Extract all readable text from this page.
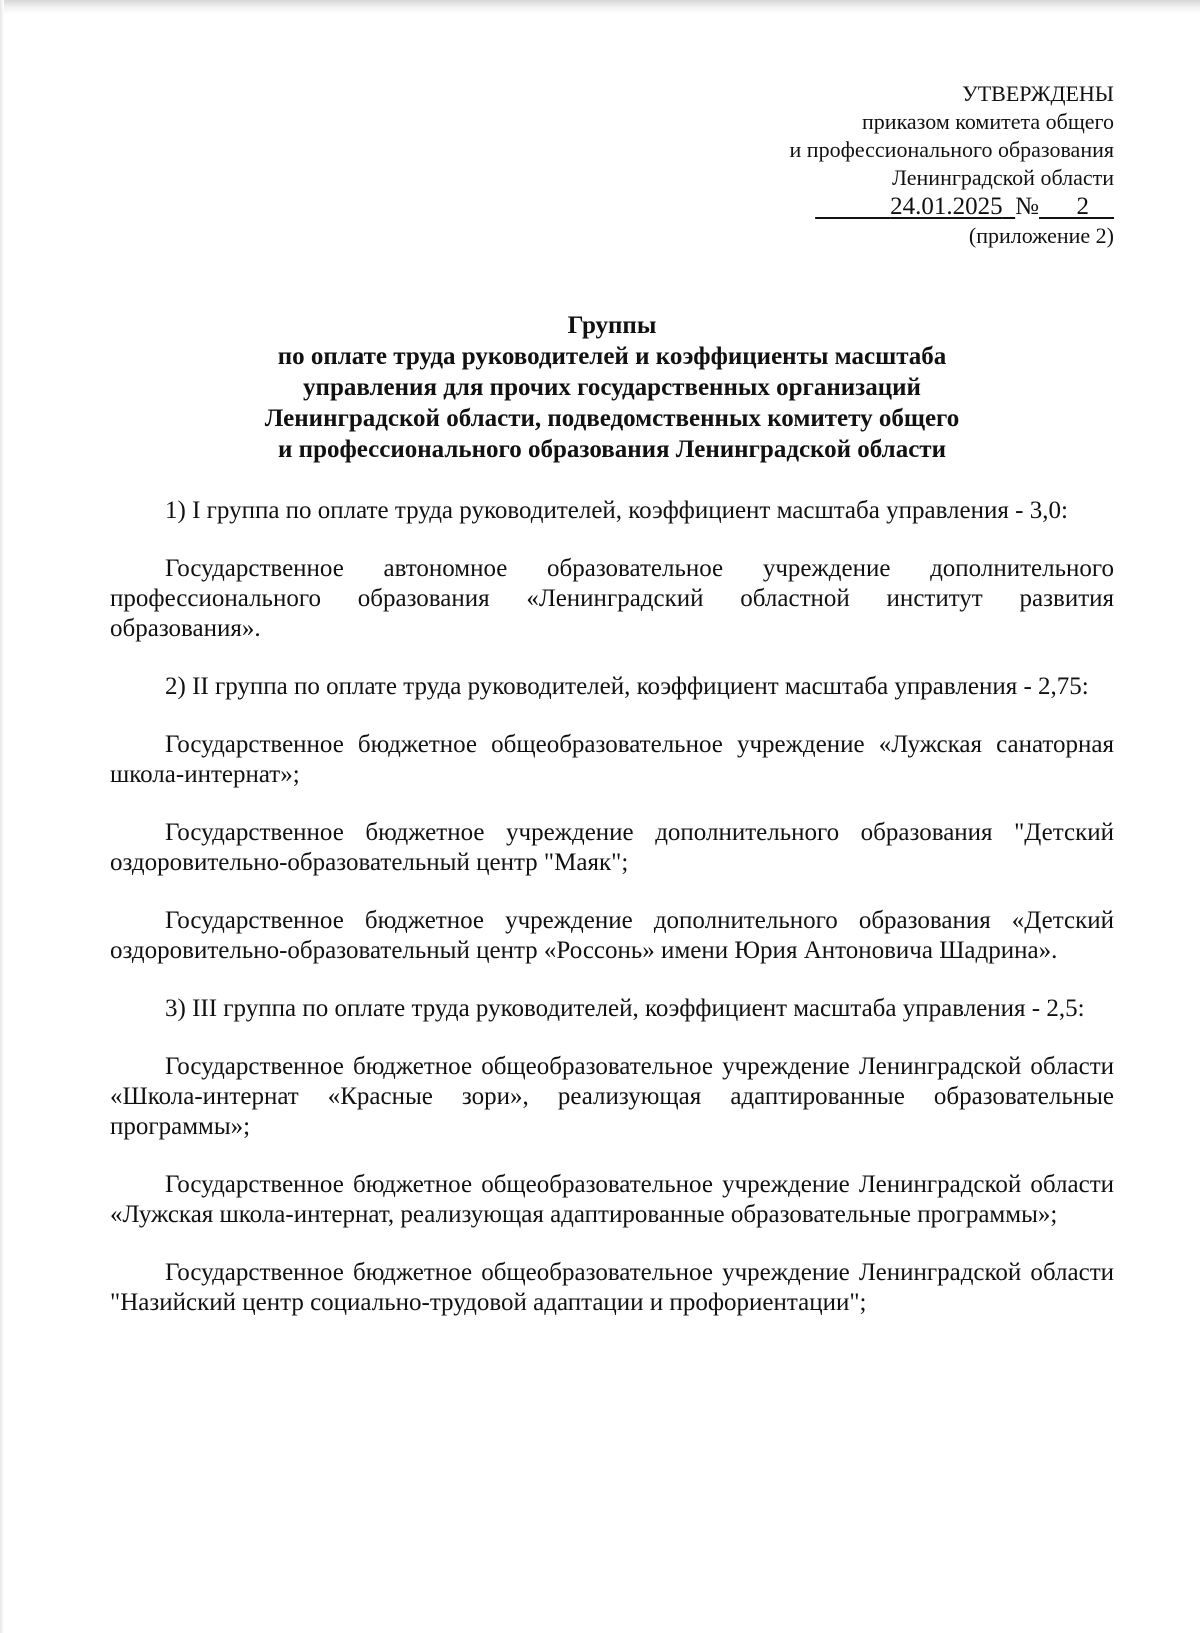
УТВЕРЖДЕНЫ
приказом комитета общего
и профессионального образования
Ленинградской области
24.01.2025 № 2
(приложение 2)
Группы
по оплате труда руководителей и коэффициенты масштаба
управления для прочих государственных организаций
Ленинградской области, подведомственных комитету общего
и профессионального образования Ленинградской области

1) I группа по оплате труда руководителей, коэффициент масштаба управления - 3,0:

Государственное автономное образовательное учреждение дополнительного профессионального образования «Ленинградский областной институт развития образования».

2) II группа по оплате труда руководителей, коэффициент масштаба управления - 2,75:

Государственное бюджетное общеобразовательное учреждение «Лужская санаторная школа-интернат»;

Государственное бюджетное учреждение дополнительного образования "Детский оздоровительно-образовательный центр "Маяк";

Государственное бюджетное учреждение дополнительного образования «Детский оздоровительно-образовательный центр «Россонь» имени Юрия Антоновича Шадрина».

3) III группа по оплате труда руководителей, коэффициент масштаба управления - 2,5:

Государственное бюджетное общеобразовательное учреждение Ленинградской области «Школа-интернат «Красные зори», реализующая адаптированные образовательные программы»;

Государственное бюджетное общеобразовательное учреждение Ленинградской области «Лужская школа-интернат, реализующая адаптированные образовательные программы»;

Государственное бюджетное общеобразовательное учреждение Ленинградской области "Назийский центр социально-трудовой адаптации и профориентации";
